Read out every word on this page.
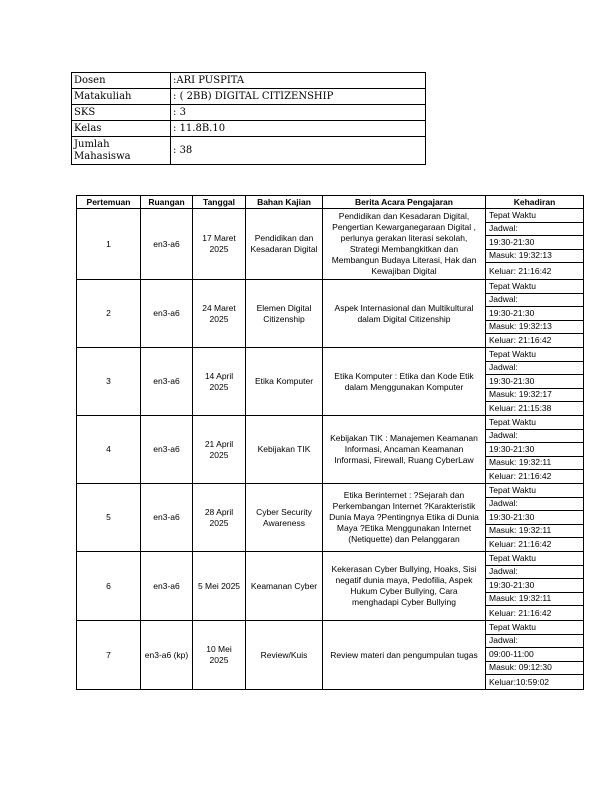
Dosen	:ARI PUSPITA
Matakuliah	: ( 2BB) DIGITAL CITIZENSHIP
SKS	: 3
Kelas	: 11.8B.10
Jumlah Mahasiswa	: 38
Pertemuan	Ruangan	Tanggal	Bahan Kajian	Berita Acara Pengajaran	Kehadiran
1	en3-a6	17 Maret 2025	Pendidikan dan Kesadaran Digital	Pendidikan dan Kesadaran Digital, Pengertian Kewarganegaraan Digital , perlunya gerakan literasi sekolah, Strategi Membangkitkan dan Membangun Budaya Literasi, Hak dan Kewajiban Digital	Tepat Waktu
					Jadwal:
					19:30-21:30
					Masuk: 19:32:13
					Keluar: 21:16:42
2	en3-a6	24 Maret 2025	Elemen Digital Citizenship	Aspek Internasional dan Multikultural dalam Digital Citizenship	Tepat Waktu
					Jadwal:
					19:30-21:30
					Masuk: 19:32:13
					Keluar: 21:16:42
3	en3-a6	14 April 2025	Etika Komputer	Etika Komputer : Etika dan Kode Etik dalam Menggunakan Komputer	Tepat Waktu
					Jadwal:
					19:30-21:30
					Masuk: 19:32:17
					Keluar: 21:15:38
4	en3-a6	21 April 2025	Kebijakan TIK	Kebijakan TIK : Manajemen Keamanan Informasi, Ancaman Keamanan Informasi, Firewall, Ruang CyberLaw	Tepat Waktu
					Jadwal:
					19:30-21:30
					Masuk: 19:32:11
					Keluar: 21:16:42
5	en3-a6	28 April 2025	Cyber Security Awareness	Etika Berinternet : ?Sejarah dan Perkembangan Internet ?Karakteristik Dunia Maya ?Pentingnya Etika di Dunia Maya ?Etika Menggunakan Internet (Netiquette) dan Pelanggaran	Tepat Waktu
					Jadwal:
					19:30-21:30
					Masuk: 19:32:11
					Keluar: 21:16:42
6	en3-a6	5 Mei 2025	Keamanan Cyber	Kekerasan Cyber Bullying, Hoaks, Sisi negatif dunia maya, Pedofilia, Aspek Hukum Cyber Bullying, Cara menghadapi Cyber Bullying	Tepat Waktu
					Jadwal:
					19:30-21:30
					Masuk: 19:32:11
					Keluar: 21:16:42
7	en3-a6 (kp)	10 Mei 2025	Review/Kuis	Review materi dan pengumpulan tugas	Tepat Waktu
					Jadwal:
					09:00-11:00
					Masuk: 09:12:30
					Keluar:10:59:02
